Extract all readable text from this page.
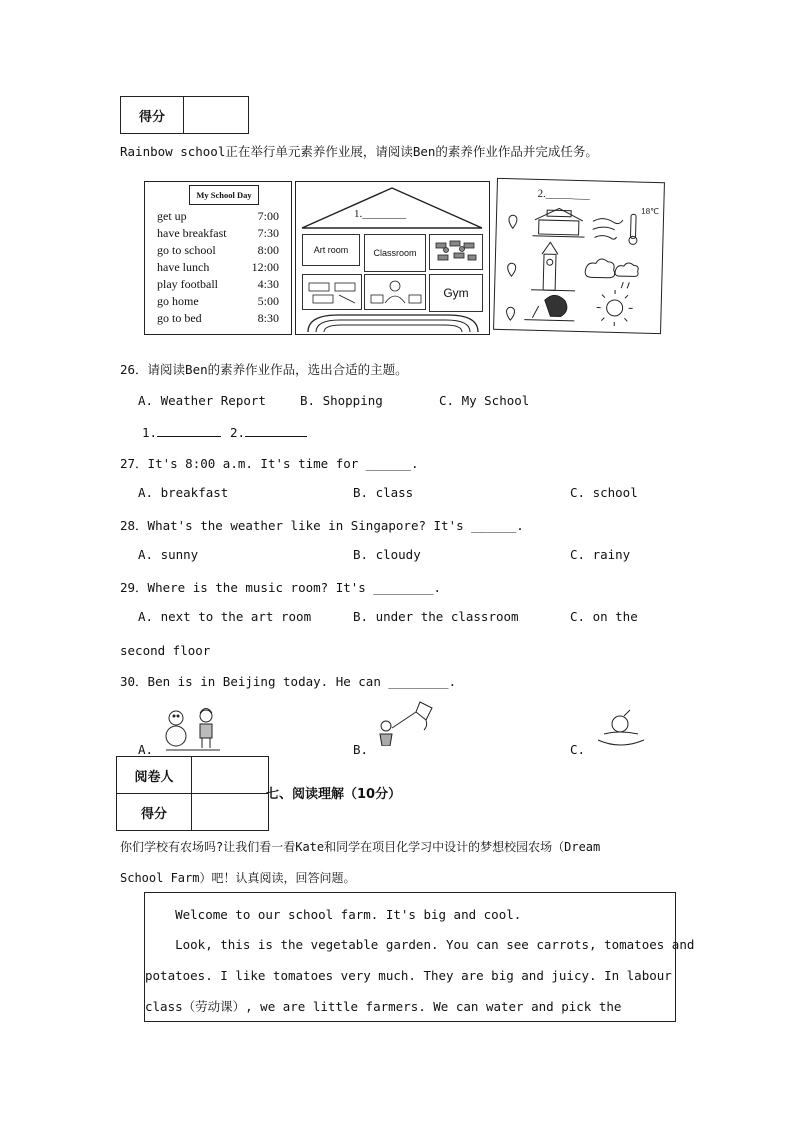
得分	
Rainbow school正在举行单元素养作业展，请阅读Ben的素养作业作品并完成任务。
My School Day
get up	7:00
have breakfast	7:30
go to school	8:00
have lunch	12:00
play football	4:30
go home	5:00
go to bed	8:30
1.________
Art room	Classroom
Gym
2.________
18℃
26．请阅读Ben的素养作业作品，选出合适的主题。
A. Weather Report	B. Shopping	C. My School
1.	2.
27．It's 8:00 a.m. It's time for ______.
A. breakfast	B. class	C. school
28．What's the weather like in Singapore? It's ______.
A. sunny	B. cloudy	C. rainy
29．Where is the music room? It's ________.
A. next to the art room	B. under the classroom	C. on the
second floor
30．Ben is in Beijing today. He can ________.
A.	B.	C.
阅卷人	
得分	
七、阅读理解（10分）
你们学校有农场吗?让我们看一看Kate和同学在项目化学习中设计的梦想校园农场（Dream
School Farm）吧！认真阅读，回答问题。
Welcome to our school farm. It's big and cool.
Look, this is the vegetable garden. You can see carrots, tomatoes and
potatoes. I like tomatoes very much. They are big and juicy. In labour
class（劳动课）, we are little farmers. We can water and pick the
